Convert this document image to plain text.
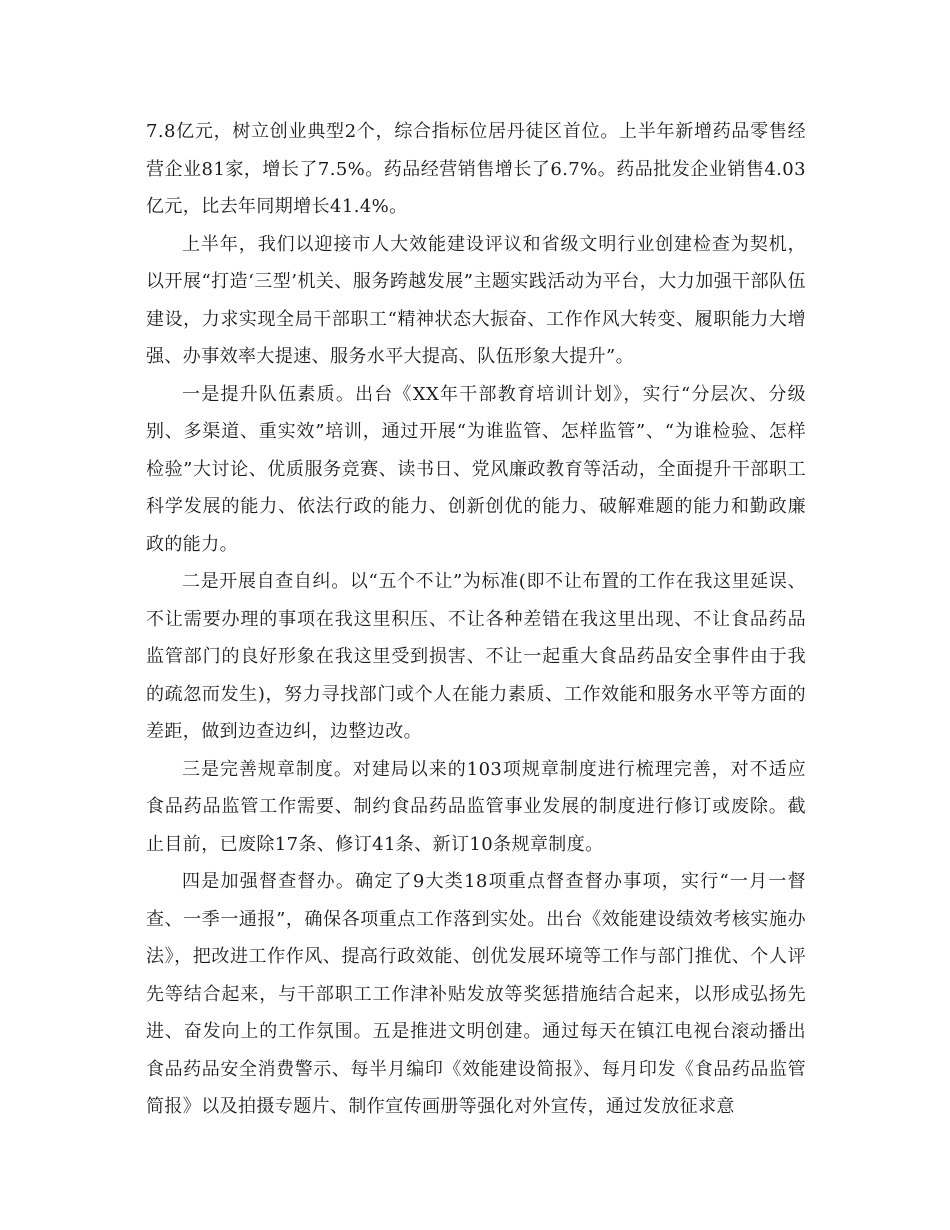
7.8亿元，树立创业典型2个，综合指标位居丹徒区首位。上半年新增药品零售经营企业81家，增长了7.5%。药品经营销售增长了6.7%。药品批发企业销售4.03亿元，比去年同期增长41.4%。

上半年，我们以迎接市人大效能建设评议和省级文明行业创建检查为契机，以开展“打造‘三型’机关、服务跨越发展”主题实践活动为平台，大力加强干部队伍建设，力求实现全局干部职工“精神状态大振奋、工作作风大转变、履职能力大增强、办事效率大提速、服务水平大提高、队伍形象大提升”。

一是提升队伍素质。出台《XX年干部教育培训计划》，实行“分层次、分级别、多渠道、重实效”培训，通过开展“为谁监管、怎样监管”、“为谁检验、怎样检验”大讨论、优质服务竞赛、读书日、党风廉政教育等活动，全面提升干部职工科学发展的能力、依法行政的能力、创新创优的能力、破解难题的能力和勤政廉政的能力。

二是开展自查自纠。以“五个不让”为标准(即不让布置的工作在我这里延误、不让需要办理的事项在我这里积压、不让各种差错在我这里出现、不让食品药品监管部门的良好形象在我这里受到损害、不让一起重大食品药品安全事件由于我的疏忽而发生)，努力寻找部门或个人在能力素质、工作效能和服务水平等方面的差距，做到边查边纠，边整边改。

三是完善规章制度。对建局以来的103项规章制度进行梳理完善，对不适应食品药品监管工作需要、制约食品药品监管事业发展的制度进行修订或废除。截止目前，已废除17条、修订41条、新订10条规章制度。

四是加强督查督办。确定了9大类18项重点督查督办事项，实行“一月一督查、一季一通报”，确保各项重点工作落到实处。出台《效能建设绩效考核实施办法》，把改进工作作风、提高行政效能、创优发展环境等工作与部门推优、个人评先等结合起来，与干部职工工作津补贴发放等奖惩措施结合起来，以形成弘扬先进、奋发向上的工作氛围。五是推进文明创建。通过每天在镇江电视台滚动播出食品药品安全消费警示、每半月编印《效能建设简报》、每月印发《食品药品监管简报》以及拍摄专题片、制作宣传画册等强化对外宣传，通过发放征求意
